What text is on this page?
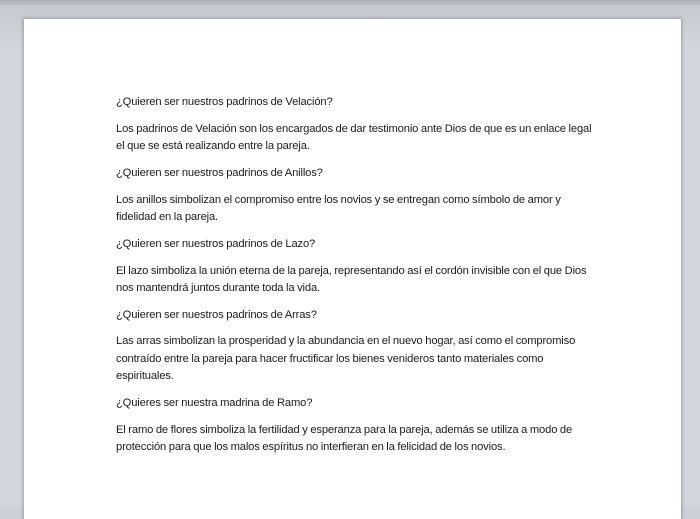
¿Quieren ser nuestros padrinos de Velación?

Los padrinos de Velación son los encargados de dar testimonio ante Dios de que es un enlace legal
el que se está realizando entre la pareja.

¿Quieren ser nuestros padrinos de Anillos?

Los anillos simbolizan el compromiso entre los novios y se entregan como símbolo de amor y
fidelidad en la pareja.

¿Quieren ser nuestros padrinos de Lazo?

El lazo simboliza la unión eterna de la pareja, representando así el cordón invisible con el que Dios
nos mantendrá juntos durante toda la vida.

¿Quieren ser nuestros padrinos de Arras?

Las arras simbolizan la prosperidad y la abundancia en el nuevo hogar, así como el compromiso
contraído entre la pareja para hacer fructificar los bienes venideros tanto materiales como
espirituales.

¿Quieres ser nuestra madrina de Ramo?

El ramo de flores simboliza la fertilidad y esperanza para la pareja, además se utiliza a modo de
protección para que los malos espíritus no interfieran en la felicidad de los novios.
